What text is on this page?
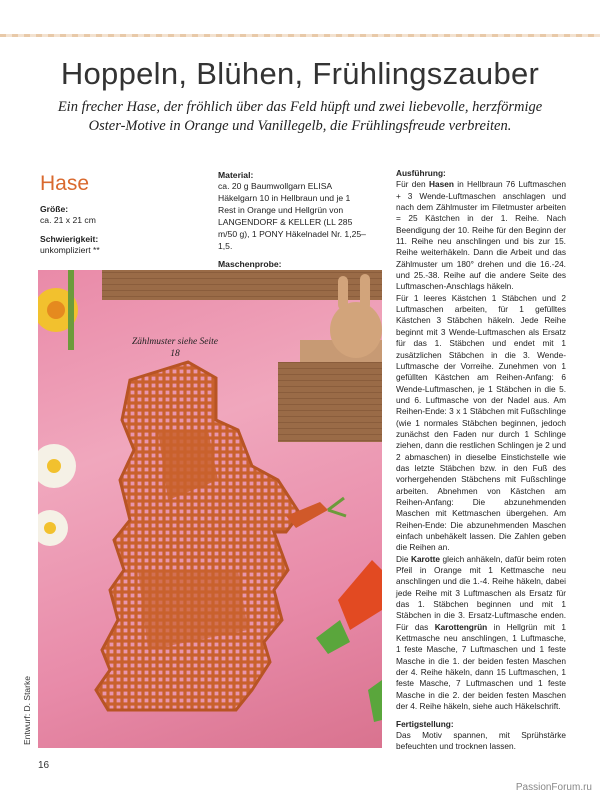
Hoppeln, Blühen, Frühlingszauber
Ein frecher Hase, der fröhlich über das Feld hüpft und zwei liebevolle, herzförmige Oster-Motive in Orange und Vanillegelb, die Frühlingsfreude verbreiten.
Hase
Größe:
ca. 21 x 21 cm
Schwierigkeit:
unkompliziert **
Material:
ca. 20 g Baumwollgarn ELISA Häkelgarn 10 in Hellbraun und je 1 Rest in Orange und Hellgrün von LANGENDORF & KELLER (LL 285 m/50 g), 1 PONY Häkelnadel Nr. 1,25–1,5.
Maschenprobe:
Ausführung:

Für den Hasen in Hellbraun 76 Luftmaschen + 3 Wende-Luftmaschen anschlagen und nach dem Zählmuster im Filetmuster arbeiten = 25 Kästchen in der 1. Reihe. Nach Beendigung der 10. Reihe für den Beginn der 11. Reihe neu anschlingen und bis zur 15. Reihe weiterhäkeln. Dann die Arbeit und das Zählmuster um 180° drehen und die 16.-24. und 25.-38. Reihe auf die andere Seite des Luftmaschen-Anschlags häkeln.

Für 1 leeres Kästchen 1 Stäbchen und 2 Luftmaschen arbeiten, für 1 gefülltes Kästchen 3 Stäbchen häkeln. Jede Reihe beginnt mit 3 Wende-Luftmaschen als Ersatz für das 1. Stäbchen und endet mit 1 zusätzlichen Stäbchen in die 3. Wende-Luftmasche der Vorreihe. Zunehmen von 1 gefüllten Kästchen am Reihen-Anfang: 6 Wende-Luftmaschen, je 1 Stäbchen in die 5. und 6. Luftmasche von der Nadel aus. Am Reihen-Ende: 3 x 1 Stäbchen mit Fußschlinge (wie 1 normales Stäbchen beginnen, jedoch zunächst den Faden nur durch 1 Schlinge ziehen, dann die restlichen Schlingen je 2 und 2 abmaschen) in dieselbe Einstichstelle wie das letzte Stäbchen bzw. in den Fuß des vorhergehenden Stäbchens mit Fußschlinge arbeiten. Abnehmen von Kästchen am Reihen-Anfang: Die abzunehmenden Maschen mit Kettmaschen übergehen. Am Reihen-Ende: Die abzunehmenden Maschen einfach unbehäkelt lassen. Die Zahlen geben die Reihen an.

Die Karotte gleich anhäkeln, dafür beim roten Pfeil in Orange mit 1 Kettmasche neu anschlingen und die 1.-4. Reihe häkeln, dabei jede Reihe mit 3 Luftmaschen als Ersatz für das 1. Stäbchen beginnen und mit 1 Stäbchen in die 3. Ersatz-Luftmasche enden. Für das Karottengrün in Hellgrün mit 1 Kettmasche neu anschlingen, 1 Luftmasche, 1 feste Masche, 7 Luftmaschen und 1 feste Masche in die 1. der beiden festen Maschen der 4. Reihe häkeln, dann 15 Luftmaschen, 1 feste Masche, 7 Luftmaschen und 1 feste Masche in die 2. der beiden festen Maschen der 4. Reihe häkeln, siehe auch Häkelschrift.

Fertigstellung:

Das Motiv spannen, mit Sprühstärke befeuchten und trocknen lassen.

Zählmuster siehe Seite 18
Entwurf: D. Starke
16
PassionForum.ru
